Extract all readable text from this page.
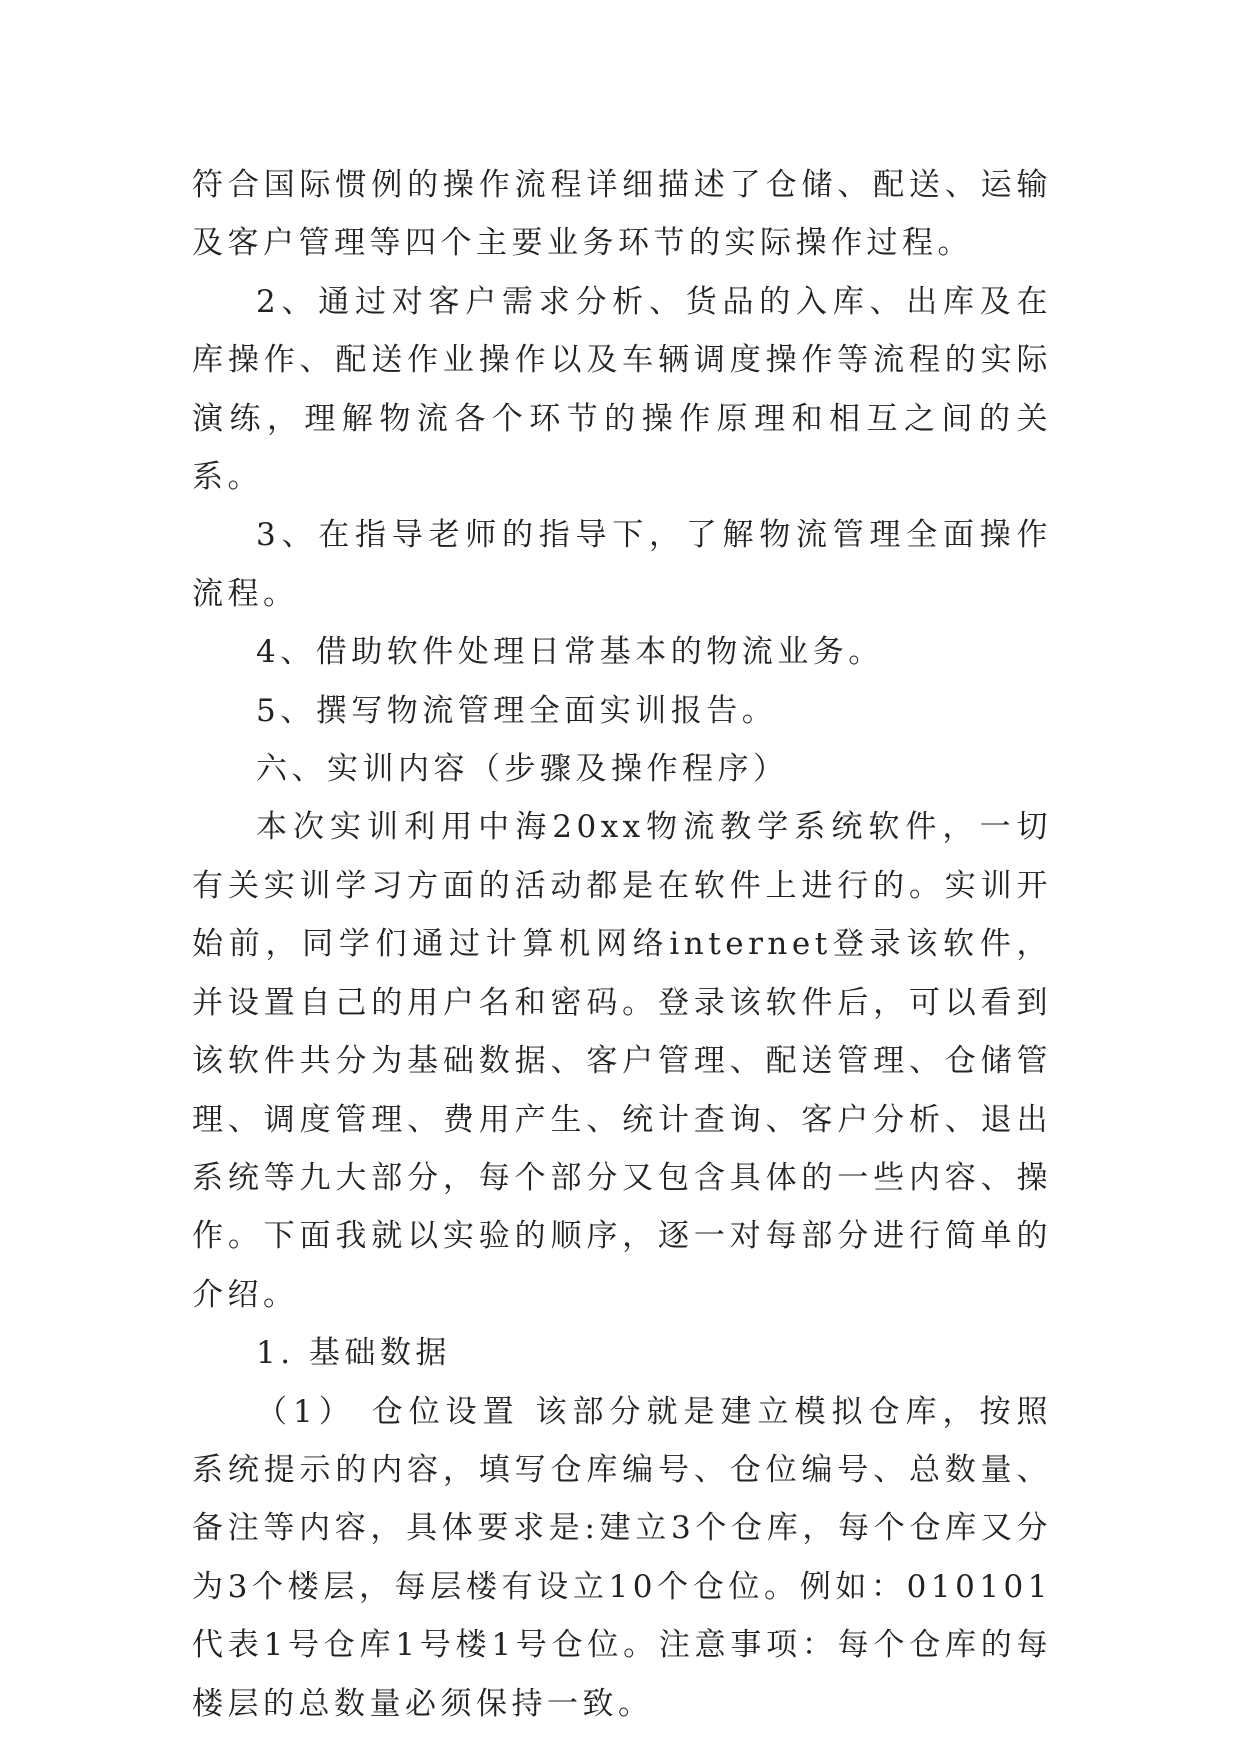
符合国际惯例的操作流程详细描述了仓储、配送、运输及客户管理等四个主要业务环节的实际操作过程。

2、通过对客户需求分析、货品的入库、出库及在库操作、配送作业操作以及车辆调度操作等流程的实际演练，理解物流各个环节的操作原理和相互之间的关系。

3、在指导老师的指导下，了解物流管理全面操作流程。

4、借助软件处理日常基本的物流业务。

5、撰写物流管理全面实训报告。

六、实训内容（步骤及操作程序）

本次实训利用中海20xx物流教学系统软件，一切有关实训学习方面的活动都是在软件上进行的。实训开始前，同学们通过计算机网络internet登录该软件，并设置自己的用户名和密码。登录该软件后，可以看到该软件共分为基础数据、客户管理、配送管理、仓储管理、调度管理、费用产生、统计查询、客户分析、退出系统等九大部分，每个部分又包含具体的一些内容、操作。下面我就以实验的顺序，逐一对每部分进行简单的介绍。

1. 基础数据

（1） 仓位设置 该部分就是建立模拟仓库，按照系统提示的内容，填写仓库编号、仓位编号、总数量、备注等内容，具体要求是:建立3个仓库，每个仓库又分为3个楼层，每层楼有设立10个仓位。例如：010101代表1号仓库1号楼1号仓位。注意事项：每个仓库的每楼层的总数量必须保持一致。
